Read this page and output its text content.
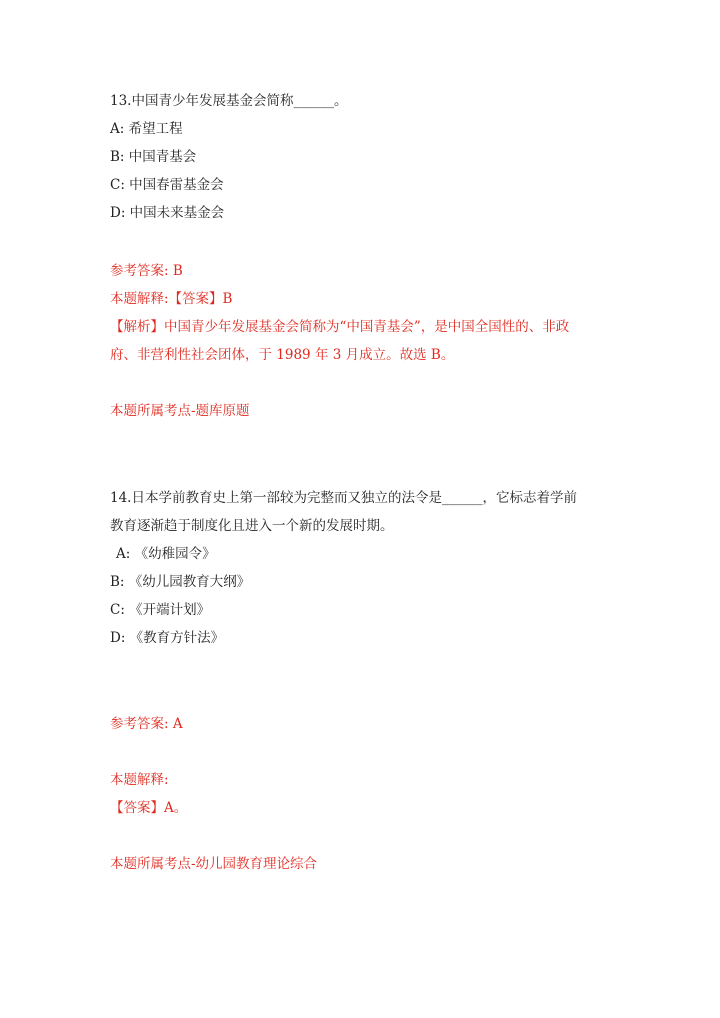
13.中国青少年发展基金会简称______。
A: 希望工程
B: 中国青基会
C: 中国春雷基金会
D: 中国未来基金会
参考答案: B
本题解释:【答案】B
【解析】中国青少年发展基金会简称为“中国青基会”，是中国全国性的、非政
府、非营利性社会团体，于 1989 年 3 月成立。故选 B。
本题所属考点-题库原题
14.日本学前教育史上第一部较为完整而又独立的法令是______，它标志着学前
教育逐渐趋于制度化且进入一个新的发展时期。
A: 《幼稚园令》
B: 《幼儿园教育大纲》
C: 《开端计划》
D: 《教育方针法》
参考答案: A
本题解释:
【答案】A。
本题所属考点-幼儿园教育理论综合
